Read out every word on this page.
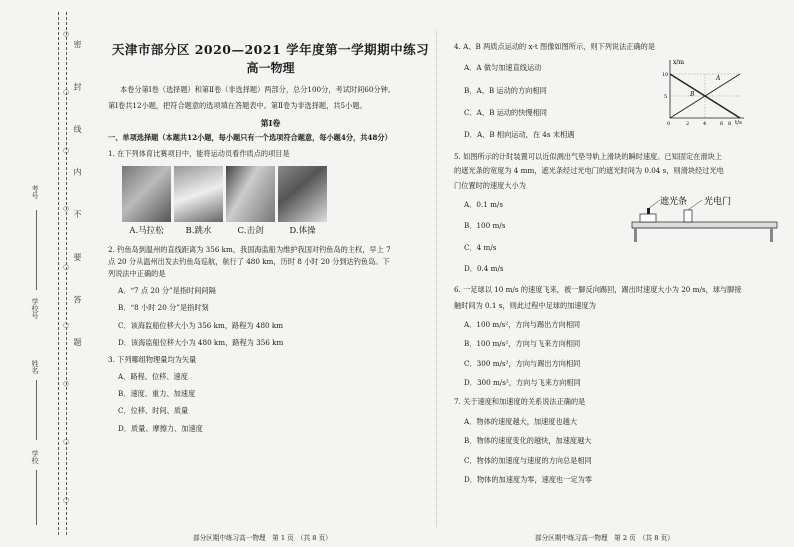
密 封 线 内 不 要 答 题
○ ○ ○ ○ ○ ○ ○ ○ ○
考号
学校号
姓名
学校
天津市部分区 2020—2021 学年度第一学期期中练习
高一物理
本卷分第Ⅰ卷（选择题）和第Ⅱ卷（非选择题）两部分，总分100分，考试时间60分钟。
第Ⅰ卷共12小题，把符合题意的选项填在答题表中。第Ⅱ卷为非选择题，共5小题。
第Ⅰ卷
一、单项选择题（本题共12小题，每小题只有一个选项符合题意，每小题4分，共48分）
1. 在下列体育比赛项目中，能将运动员看作质点的项目是
A.马拉松	B.跳水	C.击剑	D.体操
2. 钓鱼岛到温州的直线距离为 356 km，我国海监船为维护我国对钓鱼岛的主权，早上 7
点 20 分从温州出发去钓鱼岛巡航，航行了 480 km，历时 8 小时 20 分到达钓鱼岛。下
列说法中正确的是
A．“7 点 20 分”是指时间间隔
B．“8 小时 20 分”是指时刻
C．该海监船位移大小为 356 km，路程为 480 km
D．该海监船位移大小为 480 km，路程为 356 km
3. 下列哪组物理量均为矢量
A．路程、位移、速度
B．速度、重力、加速度
C．位移、时间、质量
D．质量、摩擦力、加速度
4. A、B 两质点运动的 x-t 图像如图所示，则下列说法正确的是
A．A 做匀加速直线运动
B．A、B 运动的方向相同
C．A、B 运动的快慢相同
D．A、B 相向运动，在 4s 末相遇
5. 如图所示的计时装置可以近似测出气垫导轨上滑块的瞬时速度。已知固定在滑块上
的遮光条的宽度为 4 mm，遮光条经过光电门的遮光时间为 0.04 s，则滑块经过光电
门位置时的速度大小为
A．0.1 m/s
B．100 m/s
C．4 m/s
D．0.4 m/s
6. 一足球以 10 m/s 的速度飞来，被一脚反向踢回，踢出时速度大小为 20 m/s，球与脚接
触时间为 0.1 s，则此过程中足球的加速度为
A．100 m/s²，方向与踢出方向相同
B．100 m/s²，方向与飞来方向相同
C．300 m/s²，方向与踢出方向相同
D．300 m/s²，方向与飞来方向相同
7. 关于速度和加速度的关系说法正确的是
A．物体的速度越大，加速度也越大
B．物体的速度变化的越快，加速度越大
C．物体的加速度与速度的方向总是相同
D．物体的加速度为零，速度也一定为零
x/m
t/s
10
5
0	2	4	6 8
A
B
遮光条 光电门
部分区期中练习高一物理　第 1 页　（共 8 页）	部分区期中练习高一物理　第 2 页　（共 8 页）
